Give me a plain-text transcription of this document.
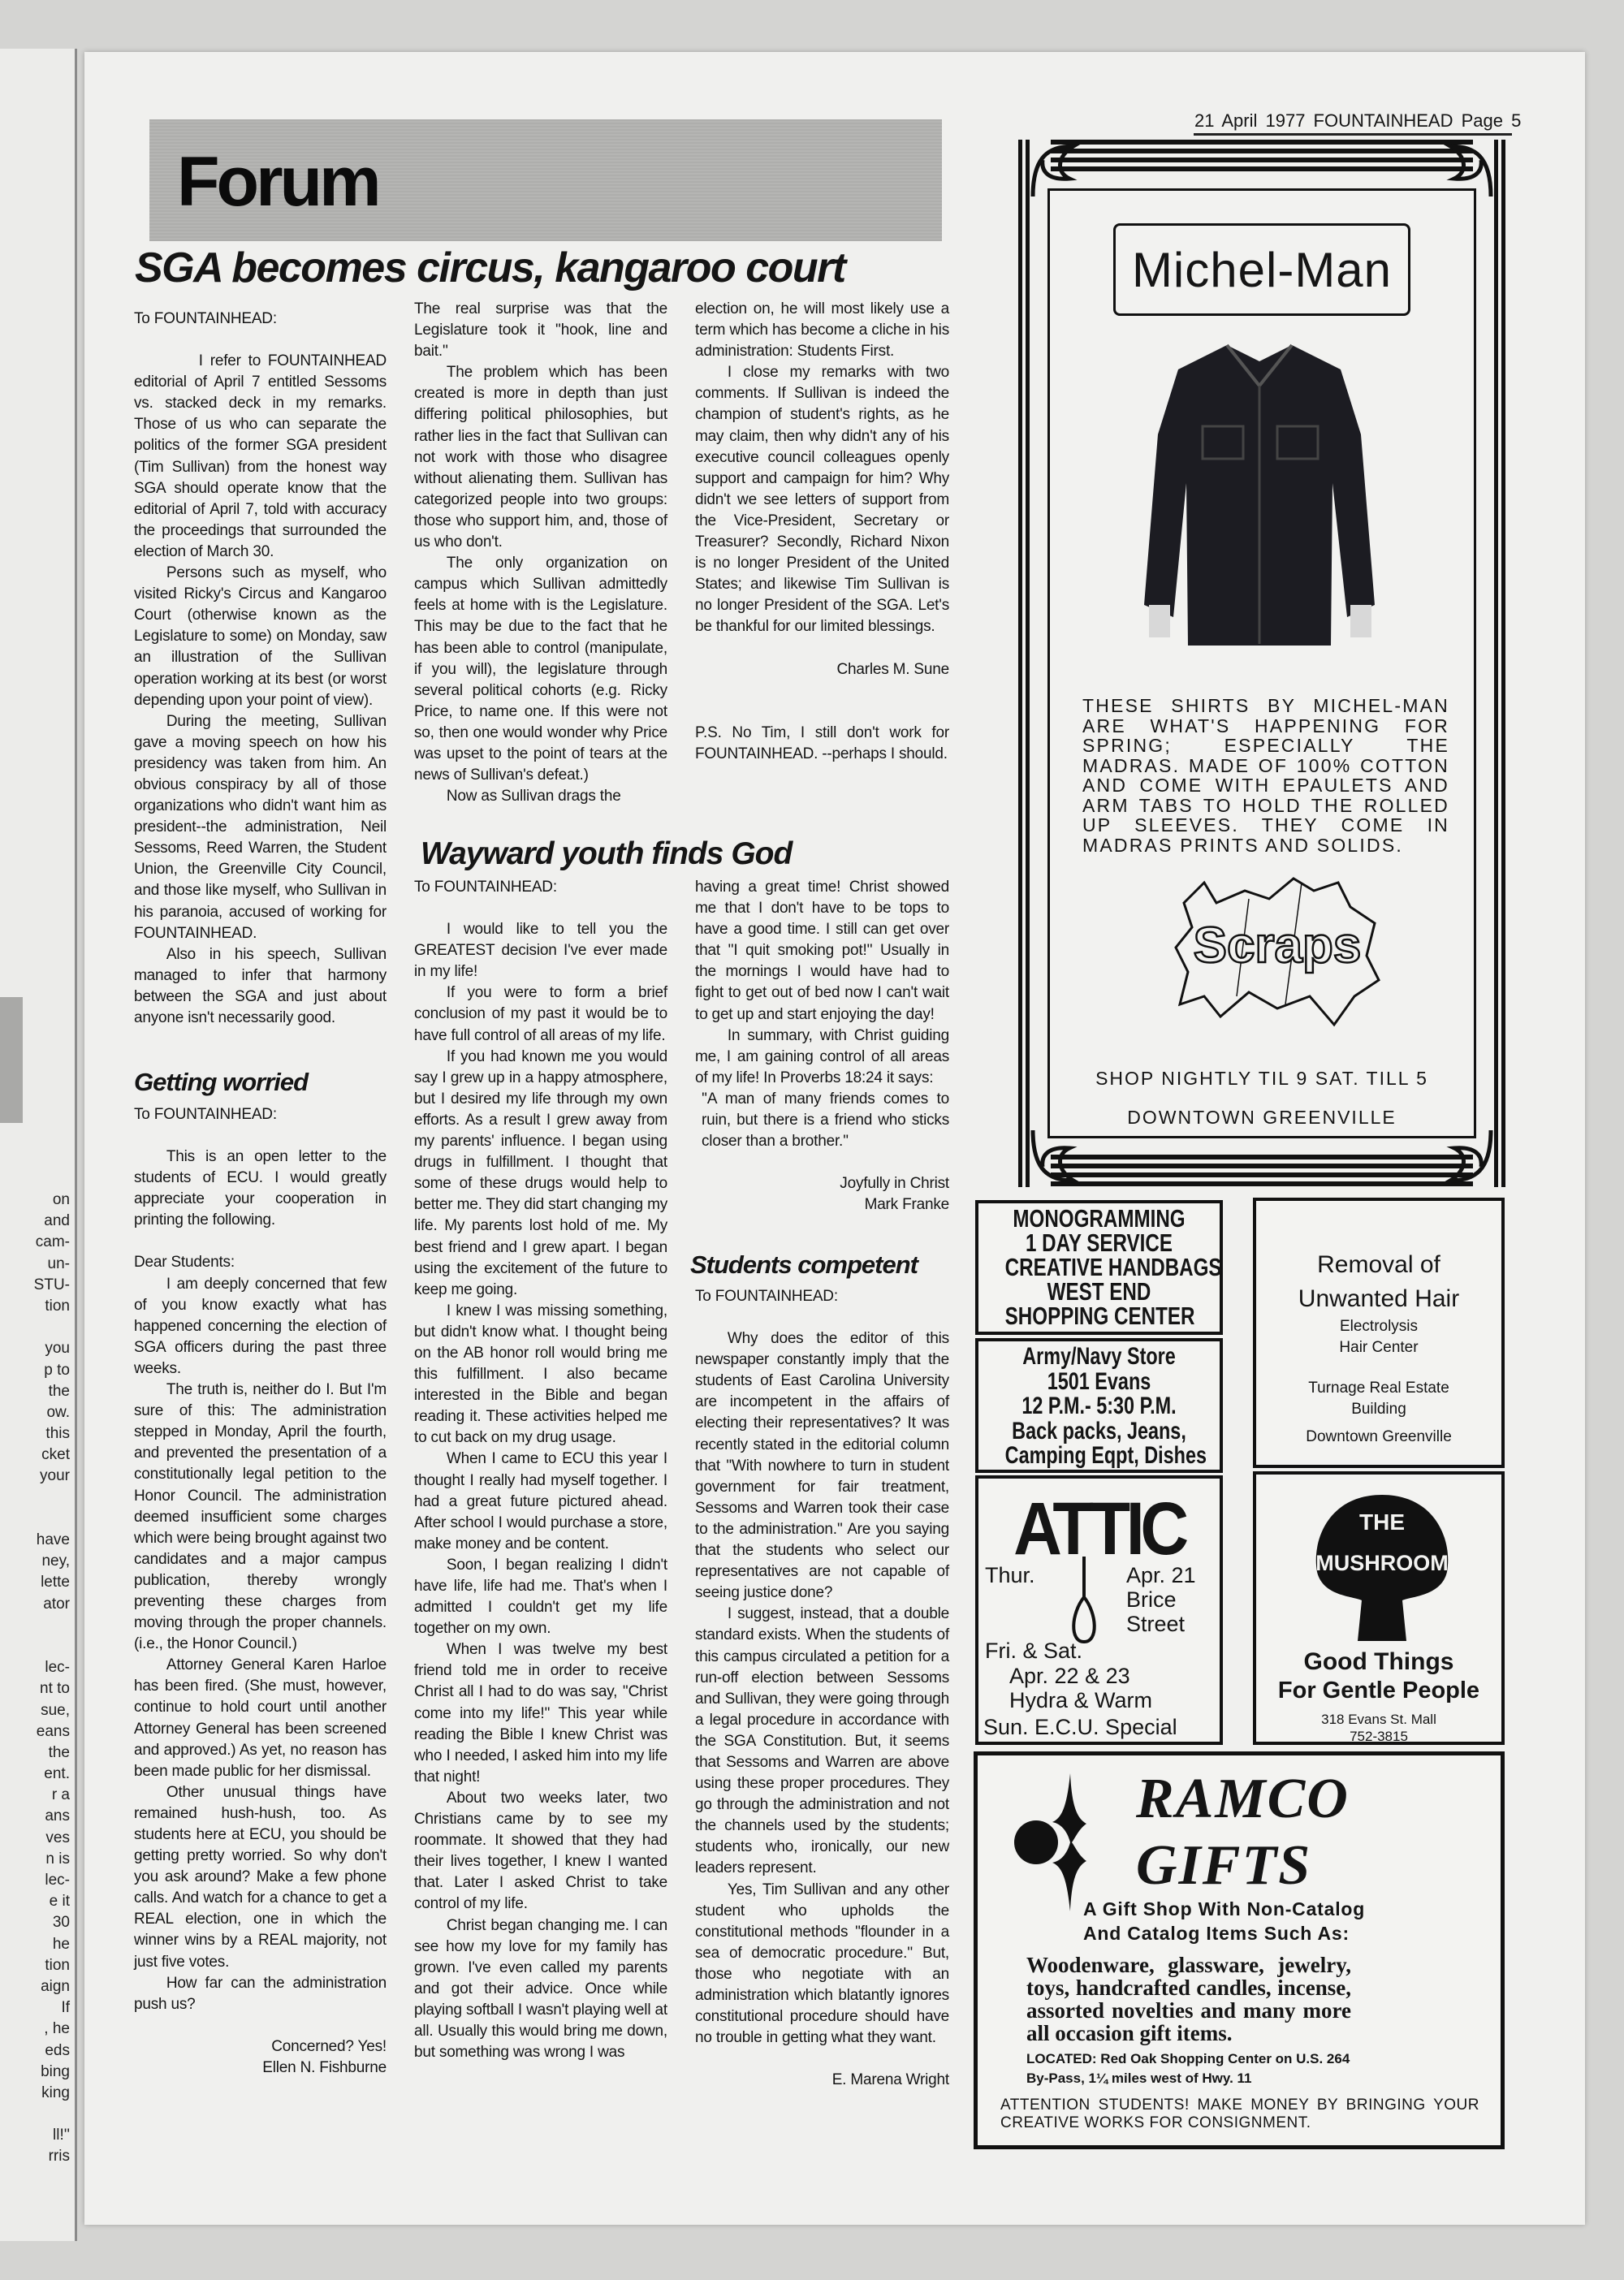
on
and
cam-
un-
STU-
tion
you
p to
the
ow.
this
cket
your
have
ney,
lette
ator
lec-
nt to
sue,
eans
the
ent.
r a
ans
ves
n is
lec-
e it
30
he
tion
aign
If
, he
eds
bing
king
ll!''
rris
21 April 1977 FOUNTAINHEAD Page 5
Forum
SGA becomes circus, kangaroo court

To FOUNTAINHEAD:

I refer to FOUNTAINHEAD editorial of April 7 entitled Sessoms vs. stacked deck in my remarks. Those of us who can separate the politics of the former SGA president (Tim Sullivan) from the honest way SGA should operate know that the editorial of April 7, told with accuracy the proceedings that surrounded the election of March 30.

Persons such as myself, who visited Ricky's Circus and Kangaroo Court (otherwise known as the Legislature to some) on Monday, saw an illustration of the Sullivan operation working at its best (or worst depending upon your point of view).

During the meeting, Sullivan gave a moving speech on how his presidency was taken from him. An obvious conspiracy by all of those organizations who didn't want him as president--the administration, Neil Sessoms, Reed Warren, the Student Union, the Greenville City Council, and those like myself, who Sullivan in his paranoia, accused of working for FOUNTAINHEAD.

Also in his speech, Sullivan managed to infer that harmony between the SGA and just about anyone isn't necessarily good.

Getting worried

To FOUNTAINHEAD:

This is an open letter to the students of ECU. I would greatly appreciate your cooperation in printing the following.

Dear Students:

I am deeply concerned that few of you know exactly what has happened concerning the election of SGA officers during the past three weeks.

The truth is, neither do I. But I'm sure of this: The administration stepped in Monday, April the fourth, and prevented the presentation of a constitutionally legal petition to the Honor Council. The administration deemed insufficient some charges which were being brought against two candidates and a major campus publication, thereby wrongly preventing these charges from moving through the proper channels. (i.e., the Honor Council.)

Attorney General Karen Harloe has been fired. (She must, however, continue to hold court until another Attorney General has been screened and approved.) As yet, no reason has been made public for her dismissal.

Other unusual things have remained hush-hush, too. As students here at ECU, you should be getting pretty worried. So why don't you ask around? Make a few phone calls. And watch for a chance to get a REAL election, one in which the winner wins by a REAL majority, not just five votes.

How far can the administration push us?

Concerned? Yes!

Ellen N. Fishburne

The real surprise was that the Legislature took it ''hook, line and bait.''

The problem which has been created is more in depth than just differing political philosophies, but rather lies in the fact that Sullivan can not work with those who disagree without alienating them. Sullivan has categorized people into two groups: those who support him, and, those of us who don't.

The only organization on campus which Sullivan admittedly feels at home with is the Legislature. This may be due to the fact that he has been able to control (manipulate, if you will), the legislature through several political cohorts (e.g. Ricky Price, to name one. If this were not so, then one would wonder why Price was upset to the point of tears at the news of Sullivan's defeat.)

Now as Sullivan drags the

Wayward youth finds God

To FOUNTAINHEAD:

I would like to tell you the GREATEST decision I've ever made in my life!

If you were to form a brief conclusion of my past it would be to have full control of all areas of my life.

If you had known me you would say I grew up in a happy atmosphere, but I desired my life through my own efforts. As a result I grew away from my parents' influence. I began using drugs in fulfillment. I thought that some of these drugs would help to better me. They did start changing my life. My parents lost hold of me. My best friend and I grew apart. I began using the excitement of the future to keep me going.

I knew I was missing something, but didn't know what. I thought being on the AB honor roll would bring me this fulfillment. I also became interested in the Bible and began reading it. These activities helped me to cut back on my drug usage.

When I came to ECU this year I thought I really had myself together. I had a great future pictured ahead. After school I would purchase a store, make money and be content.

Soon, I began realizing I didn't have life, life had me. That's when I admitted I couldn't get my life together on my own.

When I was twelve my best friend told me in order to receive Christ all I had to do was say, ''Christ come into my life!'' This year while reading the Bible I knew Christ was who I needed, I asked him into my life that night!

About two weeks later, two Christians came by to see my roommate. It showed that they had their lives together, I knew I wanted that. Later I asked Christ to take control of my life.

Christ began changing me. I can see how my love for my family has grown. I've even called my parents and got their advice. Once while playing softball I wasn't playing well at all. Usually this would bring me down, but something was wrong I was

election on, he will most likely use a term which has become a cliche in his administration: Students First.

I close my remarks with two comments. If Sullivan is indeed the champion of student's rights, as he may claim, then why didn't any of his executive council colleagues openly support and campaign for him? Why didn't we see letters of support from the Vice-President, Secretary or Treasurer? Secondly, Richard Nixon is no longer President of the United States; and likewise Tim Sullivan is no longer President of the SGA. Let's be thankful for our limited blessings.

Charles M. Sune

P.S. No Tim, I still don't work for FOUNTAINHEAD. --perhaps I should.

having a great time! Christ showed me that I don't have to be tops to have a good time. I still can get over that ''I quit smoking pot!'' Usually in the mornings I would have had to fight to get out of bed now I can't wait to get up and start enjoying the day!

In summary, with Christ guiding me, I am gaining control of all areas of my life! In Proverbs 18:24 it says:

''A man of many friends comes to ruin, but there is a friend who sticks closer than a brother.''

Joyfully in Christ

Mark Franke

Students competent

To FOUNTAINHEAD:

Why does the editor of this newspaper constantly imply that the students of East Carolina University are incompetent in the affairs of electing their representatives? It was recently stated in the editorial column that ''With nowhere to turn in student government for fair treatment, Sessoms and Warren took their case to the administration.'' Are you saying that the students who select our representatives are not capable of seeing justice done?

I suggest, instead, that a double standard exists. When the students of this campus circulated a petition for a run-off election between Sessoms and Sullivan, they were going through a legal procedure in accordance with the SGA Constitution. But, it seems that Sessoms and Warren are above using these proper procedures. They go through the administration and not the channels used by the students; students who, ironically, our new leaders represent.

Yes, Tim Sullivan and any other student who upholds the constitutional methods ''flounder in a sea of democratic procedure.'' But, those who negotiate with an administration which blatantly ignores constitutional procedure should have no trouble in getting what they want.

E. Marena Wright

Michel-Man
THESE SHIRTS BY MICHEL-MAN ARE WHAT'S HAPPENING FOR SPRING; ESPECIALLY THE MADRAS. MADE OF 100% COTTON AND COME WITH EPAULETS AND ARM TABS TO HOLD THE ROLLED UP SLEEVES. THEY COME IN MADRAS PRINTS AND SOLIDS.
Scraps
SHOP NIGHTLY TIL 9 SAT. TILL 5
DOWNTOWN GREENVILLE
MONOGRAMMING
1 DAY SERVICE
CREATIVE HANDBAGS
WEST END
SHOPPING CENTER
Army/Navy Store
1501 Evans
12 P.M.- 5:30 P.M.
Back packs, Jeans,
Camping Eqpt, Dishes
Removal of
Unwanted Hair
Electrolysis
Hair Center
Turnage Real Estate
Building
Downtown Greenville
ATTIC
Thur.	Apr. 21
Brice
Street
Fri. & Sat.
Apr. 22 & 23
Hydra & Warm
Sun. E.C.U. Special
THE
MUSHROOM
Good Things
For Gentle People
318 Evans St. Mall
752-3815
RAMCO
GIFTS
A Gift Shop With Non-Catalog
And Catalog Items Such As:
Woodenware, glassware, jewelry, toys, handcrafted candles, incense, assorted novelties and many more all occasion gift items.
LOCATED: Red Oak Shopping Center on U.S. 264 By-Pass, 1¼ miles west of Hwy. 11
ATTENTION STUDENTS! MAKE MONEY BY BRINGING YOUR CREATIVE WORKS FOR CONSIGNMENT.
